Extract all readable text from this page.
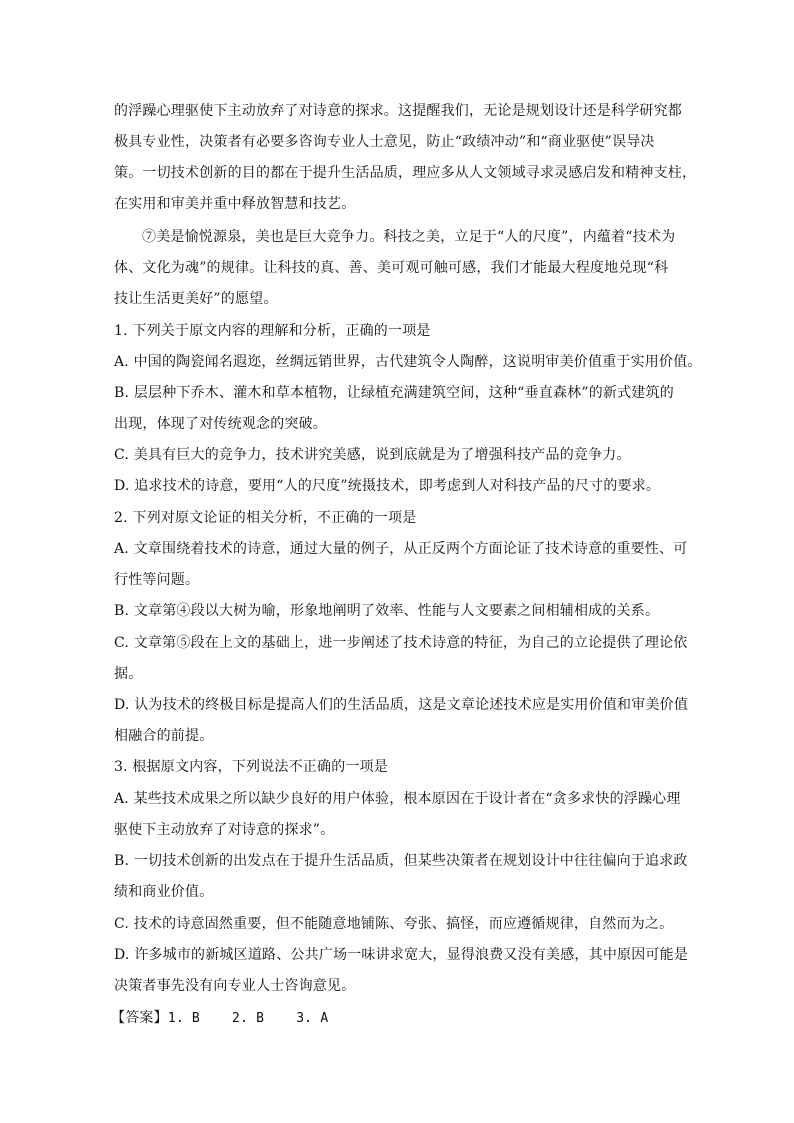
的浮躁心理驱使下主动放弃了对诗意的探求。这提醒我们，无论是规划设计还是科学研究都
极具专业性，决策者有必要多咨询专业人士意见，防止“政绩冲动”和“商业驱使”误导决
策。一切技术创新的目的都在于提升生活品质，理应多从人文领域寻求灵感启发和精神支柱，
在实用和审美并重中释放智慧和技艺。
⑦美是愉悦源泉，美也是巨大竞争力。科技之美，立足于“人的尺度”，内蕴着“技术为
体、文化为魂”的规律。让科技的真、善、美可观可触可感，我们才能最大程度地兑现“科
技让生活更美好”的愿望。
1. 下列关于原文内容的理解和分析，正确的一项是
A. 中国的陶瓷闻名遐迩，丝绸远销世界，古代建筑令人陶醉，这说明审美价值重于实用价值。
B. 层层种下乔木、灌木和草本植物，让绿植充满建筑空间，这种“垂直森林”的新式建筑的
出现，体现了对传统观念的突破。
C. 美具有巨大的竞争力，技术讲究美感，说到底就是为了增强科技产品的竞争力。
D. 追求技术的诗意，要用“人的尺度”统摄技术，即考虑到人对科技产品的尺寸的要求。
2. 下列对原文论证的相关分析，不正确的一项是
A. 文章围绕着技术的诗意，通过大量的例子，从正反两个方面论证了技术诗意的重要性、可
行性等问题。
B. 文章第④段以大树为喻，形象地阐明了效率、性能与人文要素之间相辅相成的关系。
C. 文章第⑤段在上文的基础上，进一步阐述了技术诗意的特征，为自己的立论提供了理论依
据。
D. 认为技术的终极目标是提高人们的生活品质，这是文章论述技术应是实用价值和审美价值
相融合的前提。
3. 根据原文内容，下列说法不正确的一项是
A. 某些技术成果之所以缺少良好的用户体验，根本原因在于设计者在“贪多求快的浮躁心理
驱使下主动放弃了对诗意的探求”。
B. 一切技术创新的出发点在于提升生活品质，但某些决策者在规划设计中往往偏向于追求政
绩和商业价值。
C. 技术的诗意固然重要，但不能随意地铺陈、夸张、搞怪，而应遵循规律，自然而为之。
D. 许多城市的新城区道路、公共广场一味讲求宽大，显得浪费又没有美感，其中原因可能是
决策者事先没有向专业人士咨询意见。
【答案】1. B    2. B    3. A
